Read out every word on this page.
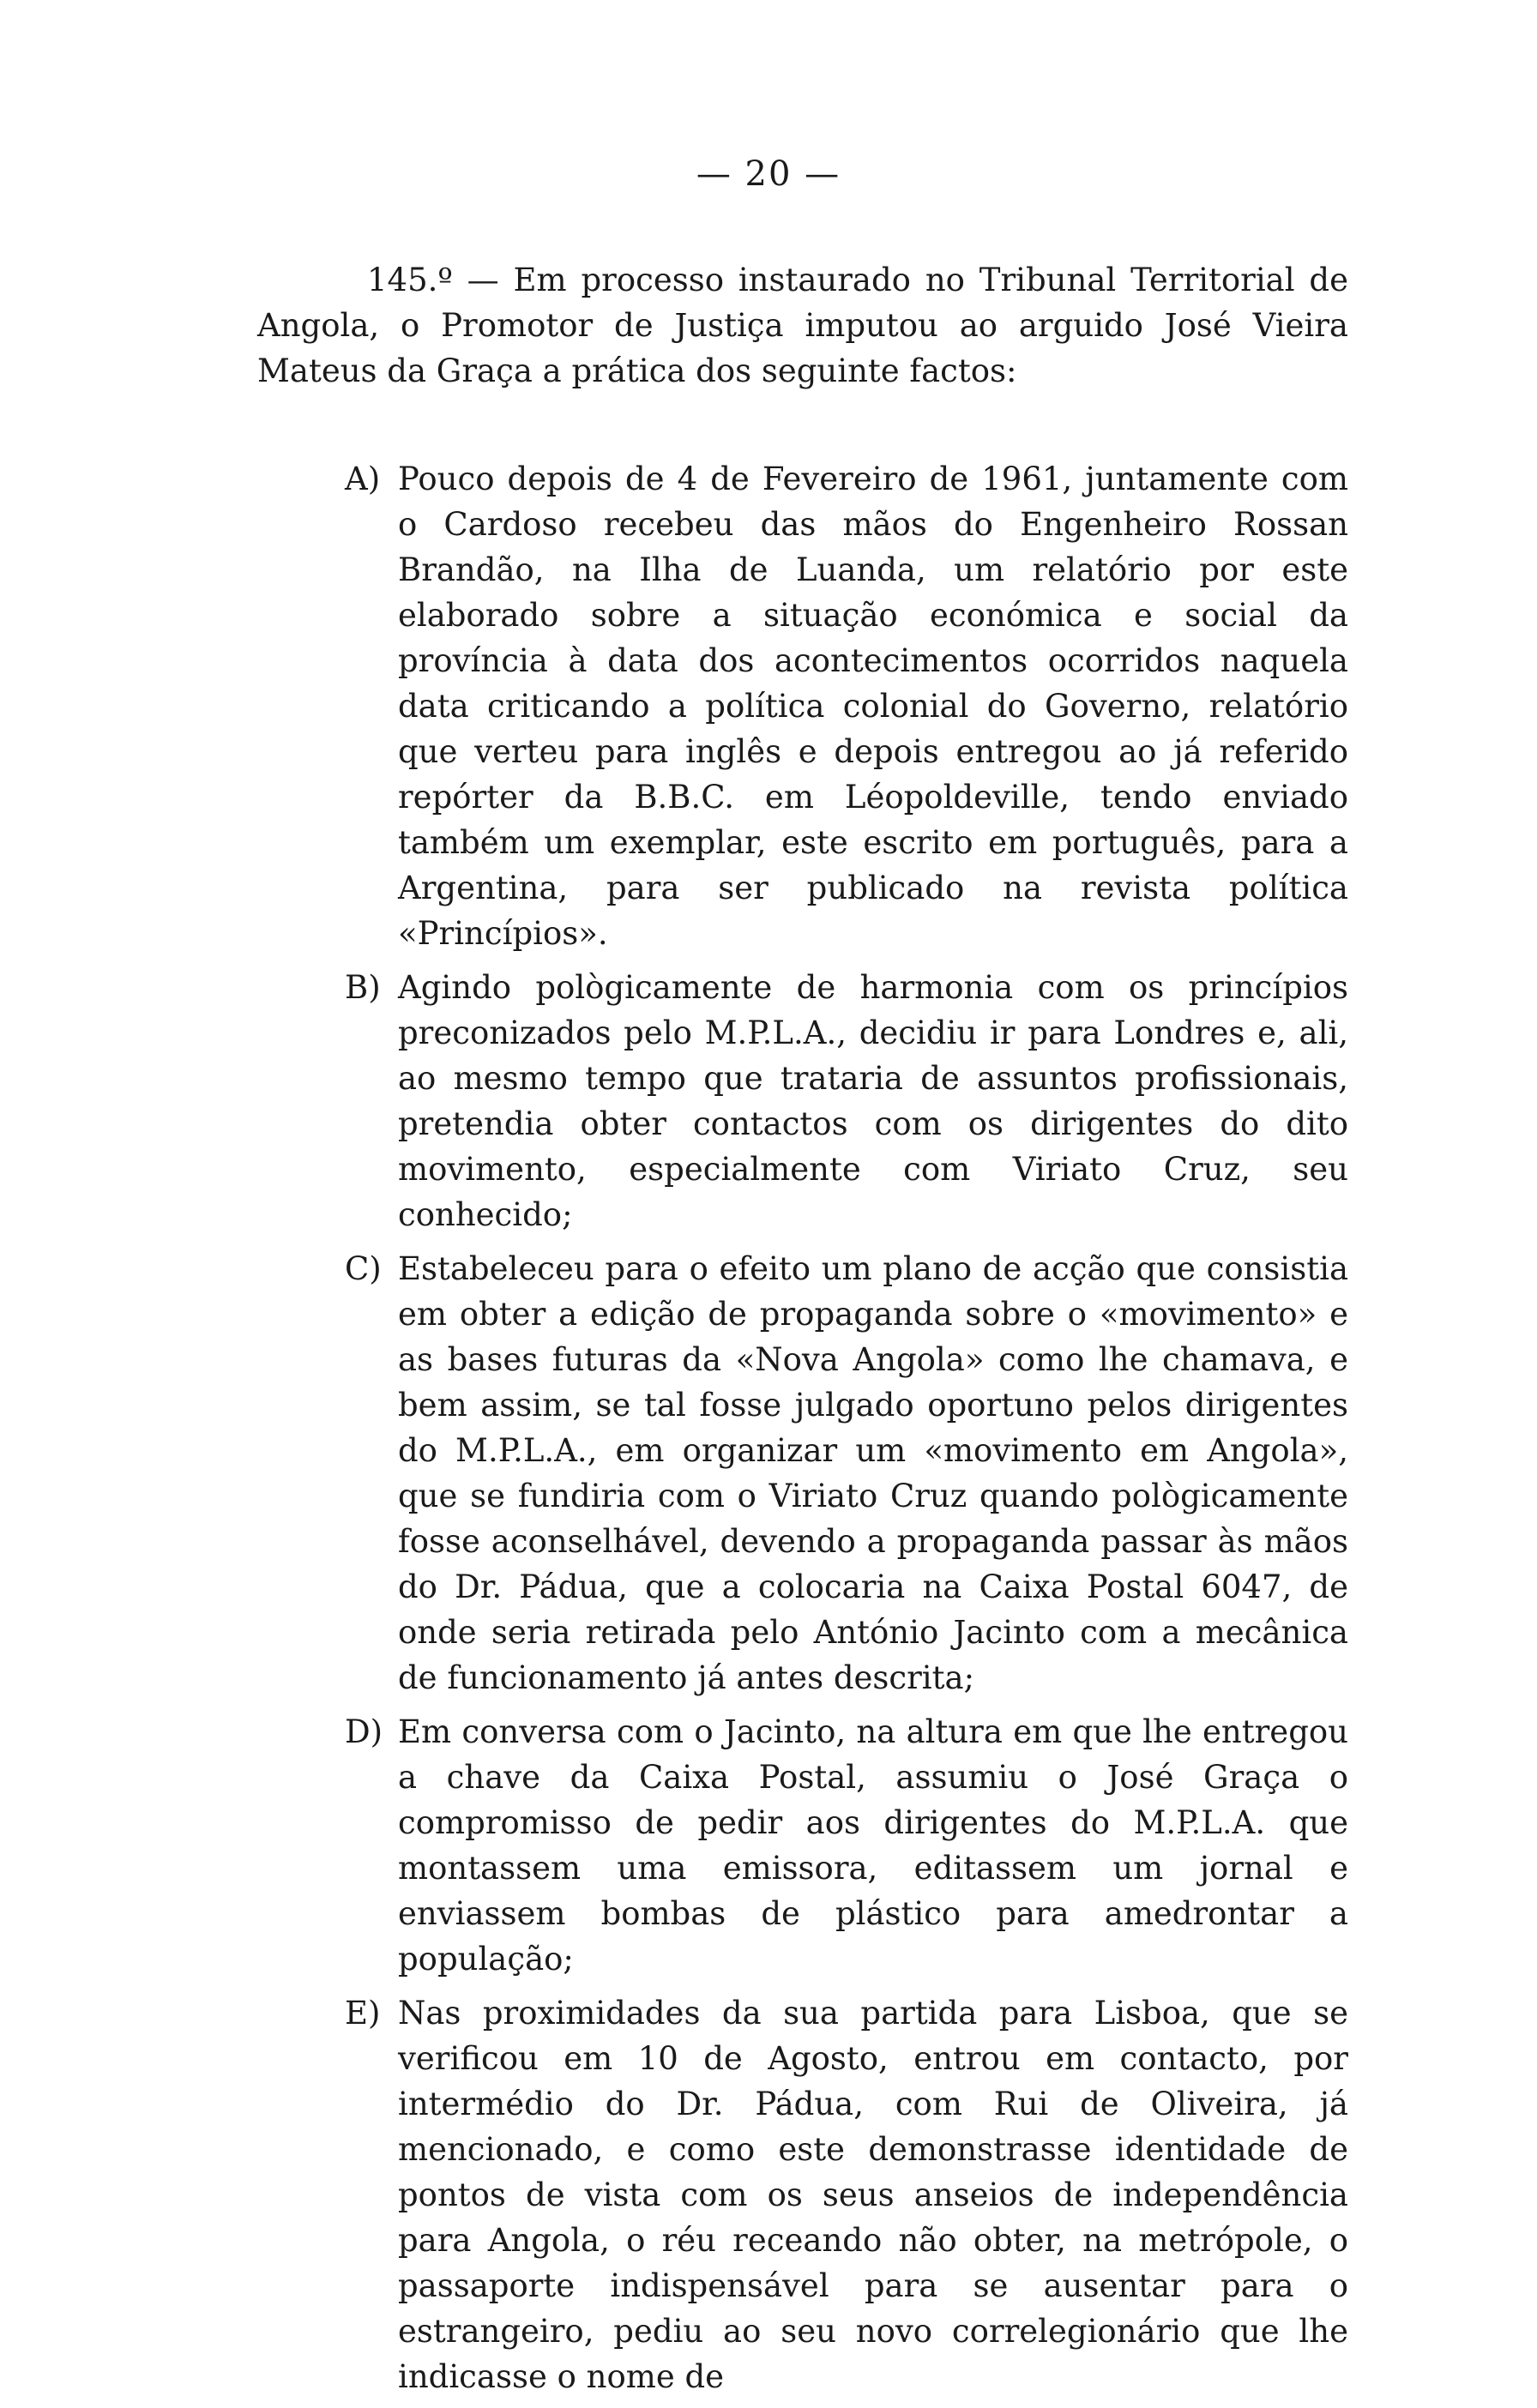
— 20 —

145.º — Em processo instaurado no Tribunal Territorial de Angola, o Promotor de Justiça imputou ao arguido José Vieira Mateus da Graça a prática dos seguinte factos:

A) Pouco depois de 4 de Fevereiro de 1961, juntamente com o Cardoso recebeu das mãos do Engenheiro Rossan Brandão, na Ilha de Luanda, um relatório por este elaborado sobre a situação económica e social da província à data dos acontecimentos ocorridos naquela data criticando a política colonial do Governo, relatório que verteu para inglês e depois entregou ao já referido repórter da B.B.C. em Léopoldeville, tendo enviado também um exemplar, este escrito em português, para a Argentina, para ser publicado na revista política «Princípios».
B) Agindo pològicamente de harmonia com os princípios preconizados pelo M.P.L.A., decidiu ir para Londres e, ali, ao mesmo tempo que trataria de assuntos profissionais, pretendia obter contactos com os dirigentes do dito movimento, especialmente com Viriato Cruz, seu conhecido;
C) Estabeleceu para o efeito um plano de acção que consistia em obter a edição de propaganda sobre o «movimento» e as bases futuras da «Nova Angola» como lhe chamava, e bem assim, se tal fosse julgado oportuno pelos dirigentes do M.P.L.A., em organizar um «movimento em Angola», que se fundiria com o Viriato Cruz quando pològicamente fosse aconselhável, devendo a propaganda passar às mãos do Dr. Pádua, que a colocaria na Caixa Postal 6047, de onde seria retirada pelo António Jacinto com a mecânica de funcionamento já antes descrita;
D) Em conversa com o Jacinto, na altura em que lhe entregou a chave da Caixa Postal, assumiu o José Graça o compromisso de pedir aos dirigentes do M.P.L.A. que montassem uma emissora, editassem um jornal e enviassem bombas de plástico para amedrontar a população;
E) Nas proximidades da sua partida para Lisboa, que se verificou em 10 de Agosto, entrou em contacto, por intermédio do Dr. Pádua, com Rui de Oliveira, já mencionado, e como este demonstrasse identidade de pontos de vista com os seus anseios de independência para Angola, o réu receando não obter, na metrópole, o passaporte indispensável para se ausentar para o estrangeiro, pediu ao seu novo correlegionário que lhe indicasse o nome de
